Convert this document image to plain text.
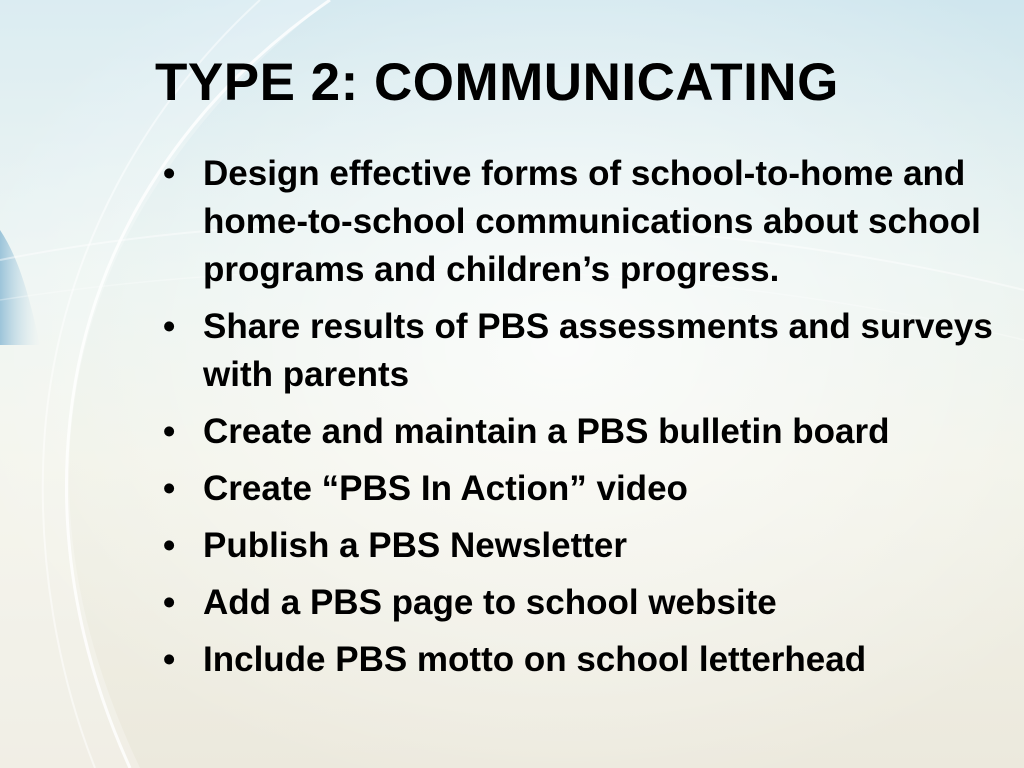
TYPE 2: COMMUNICATING
• Design effective forms of school-to-home and home-to-school communications about school programs and children’s progress.
• Share results of PBS assessments and surveys with parents
• Create and maintain a PBS bulletin board
• Create “PBS In Action” video
• Publish a PBS Newsletter
• Add a PBS page to school website
• Include PBS motto on school letterhead
